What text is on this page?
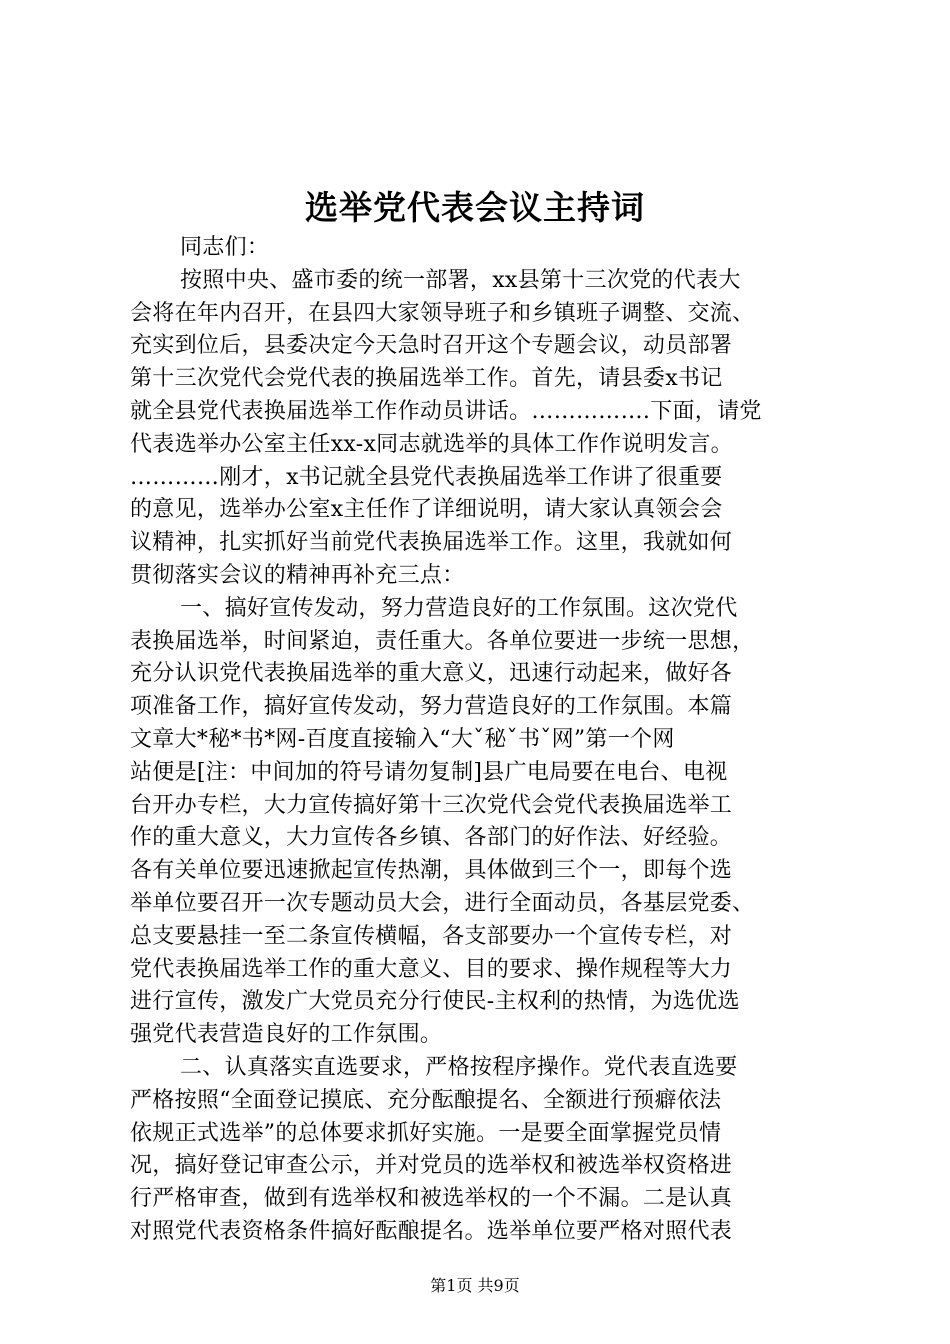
选举党代表会议主持词
同志们：
按照中央、盛市委的统一部署，xx县第十三次党的代表大
会将在年内召开，在县四大家领导班子和乡镇班子调整、交流、
充实到位后，县委决定今天急时召开这个专题会议，动员部署
第十三次党代会党代表的换届选举工作。首先，请县委x书记
就全县党代表换届选举工作作动员讲话。…………….下面，请党
代表选举办公室主任xx-x同志就选举的具体工作作说明发言。
…………刚才，x书记就全县党代表换届选举工作讲了很重要
的意见，选举办公室x主任作了详细说明，请大家认真领会会
议精神，扎实抓好当前党代表换届选举工作。这里，我就如何
贯彻落实会议的精神再补充三点：
一、搞好宣传发动，努力营造良好的工作氛围。这次党代
表换届选举，时间紧迫，责任重大。各单位要进一步统一思想，
充分认识党代表换届选举的重大意义，迅速行动起来，做好各
项准备工作，搞好宣传发动，努力营造良好的工作氛围。本篇
文章大*秘*书*网-百度直接输入“大ˇ秘ˇ书ˇ网”第一个网
站便是[注：中间加的符号请勿复制]县广电局要在电台、电视
台开办专栏，大力宣传搞好第十三次党代会党代表换届选举工
作的重大意义，大力宣传各乡镇、各部门的好作法、好经验。
各有关单位要迅速掀起宣传热潮，具体做到三个一，即每个选
举单位要召开一次专题动员大会，进行全面动员，各基层党委、
总支要悬挂一至二条宣传横幅，各支部要办一个宣传专栏，对
党代表换届选举工作的重大意义、目的要求、操作规程等大力
进行宣传，激发广大党员充分行使民-主权利的热情，为选优选
强党代表营造良好的工作氛围。
二、认真落实直选要求，严格按程序操作。党代表直选要
严格按照“全面登记摸底、充分酝酿提名、全额进行预癖依法
依规正式选举”的总体要求抓好实施。一是要全面掌握党员情
况，搞好登记审查公示，并对党员的选举权和被选举权资格进
行严格审查，做到有选举权和被选举权的一个不漏。二是认真
对照党代表资格条件搞好酝酿提名。选举单位要严格对照代表
第1页 共9页
